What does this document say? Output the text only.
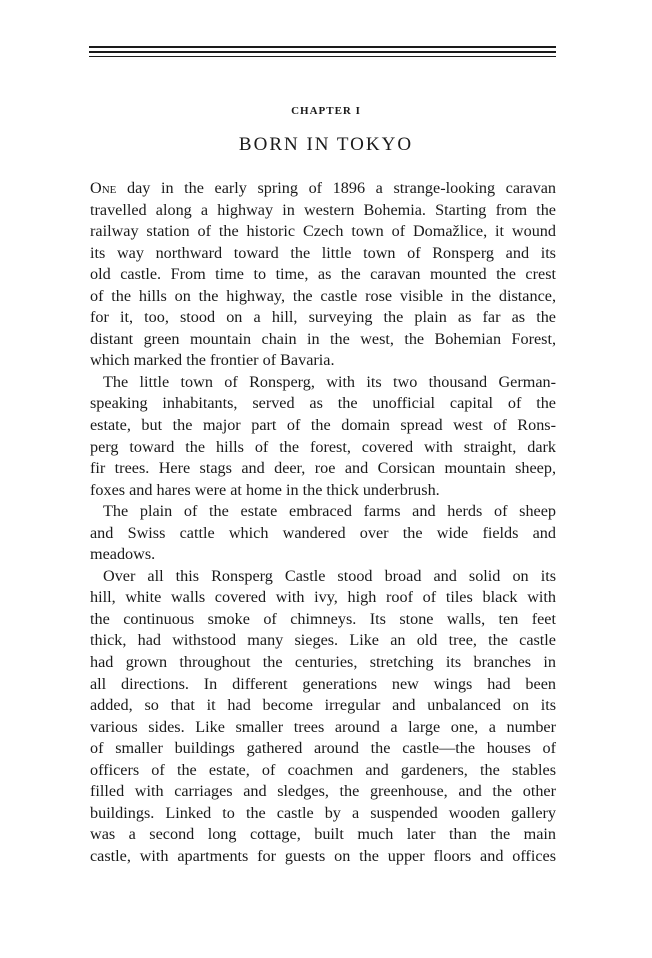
CHAPTER I
BORN IN TOKYO
One day in the early spring of 1896 a strange-looking caravan
travelled along a highway in western Bohemia. Starting from the
railway station of the historic Czech town of Domažlice, it wound
its way northward toward the little town of Ronsperg and its
old castle. From time to time, as the caravan mounted the crest
of the hills on the highway, the castle rose visible in the distance,
for it, too, stood on a hill, surveying the plain as far as the
distant green mountain chain in the west, the Bohemian Forest,
which marked the frontier of Bavaria.
The little town of Ronsperg, with its two thousand German-
speaking inhabitants, served as the unofficial capital of the
estate, but the major part of the domain spread west of Rons-
perg toward the hills of the forest, covered with straight, dark
fir trees. Here stags and deer, roe and Corsican mountain sheep,
foxes and hares were at home in the thick underbrush.
The plain of the estate embraced farms and herds of sheep
and Swiss cattle which wandered over the wide fields and
meadows.
Over all this Ronsperg Castle stood broad and solid on its
hill, white walls covered with ivy, high roof of tiles black with
the continuous smoke of chimneys. Its stone walls, ten feet
thick, had withstood many sieges. Like an old tree, the castle
had grown throughout the centuries, stretching its branches in
all directions. In different generations new wings had been
added, so that it had become irregular and unbalanced on its
various sides. Like smaller trees around a large one, a number
of smaller buildings gathered around the castle—the houses of
officers of the estate, of coachmen and gardeners, the stables
filled with carriages and sledges, the greenhouse, and the other
buildings. Linked to the castle by a suspended wooden gallery
was a second long cottage, built much later than the main
castle, with apartments for guests on the upper floors and offices
